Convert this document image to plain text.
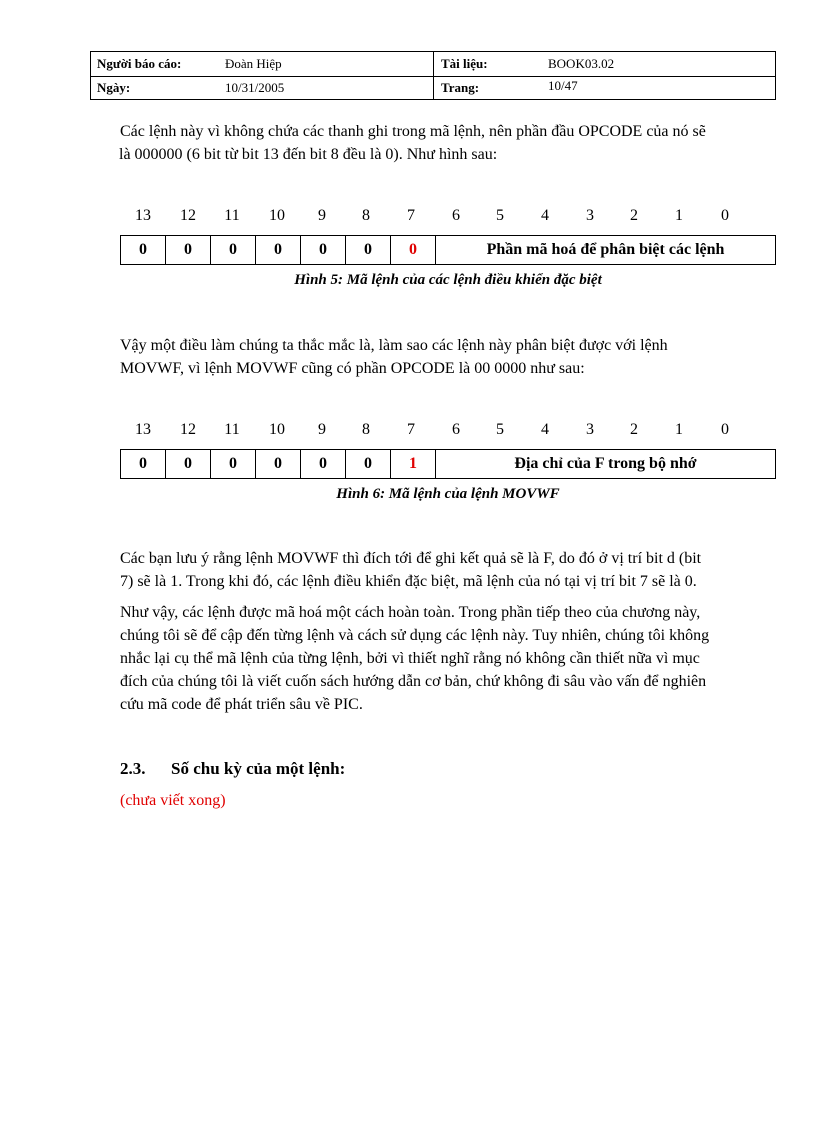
Người báo cáo:	Đoàn Hiệp
Ngày:	10/31/2005
Tài liệu:	BOOK03.02
Trang:	10/47
Các lệnh này vì không chứa các thanh ghi trong mã lệnh, nên phần đầu OPCODE của nó sẽ
là 000000 (6 bit từ bit 13 đến bit 8 đều là 0). Như hình sau:
13	12	11	10	9	8	7	6	5	4	3	2	1	0
0	0	0	0	0	0	0	Phần mã hoá để phân biệt các lệnh
Hình 5: Mã lệnh của các lệnh điều khiển đặc biệt
Vậy một điều làm chúng ta thắc mắc là, làm sao các lệnh này phân biệt được với lệnh
MOVWF, vì lệnh MOVWF cũng có phần OPCODE là 00 0000 như sau:
13	12	11	10	9	8	7	6	5	4	3	2	1	0
0	0	0	0	0	0	1	Địa chỉ của F trong bộ nhớ
Hình 6: Mã lệnh của lệnh MOVWF
Các bạn lưu ý rằng lệnh MOVWF thì đích tới để ghi kết quả sẽ là F, do đó ở vị trí bit d (bit
7) sẽ là 1. Trong khi đó, các lệnh điều khiển đặc biệt, mã lệnh của nó tại vị trí bit 7 sẽ là 0.
Như vậy, các lệnh được mã hoá một cách hoàn toàn. Trong phần tiếp theo của chương này,
chúng tôi sẽ để cập đến từng lệnh và cách sử dụng các lệnh này. Tuy nhiên, chúng tôi không
nhắc lại cụ thể mã lệnh của từng lệnh, bởi vì thiết nghĩ rằng nó không cần thiết nữa vì mục
đích của chúng tôi là viết cuốn sách hướng dẫn cơ bản, chứ không đi sâu vào vấn để nghiên
cứu mã code để phát triển sâu về PIC.
2.3. Số chu kỳ của một lệnh:
(chưa viết xong)
